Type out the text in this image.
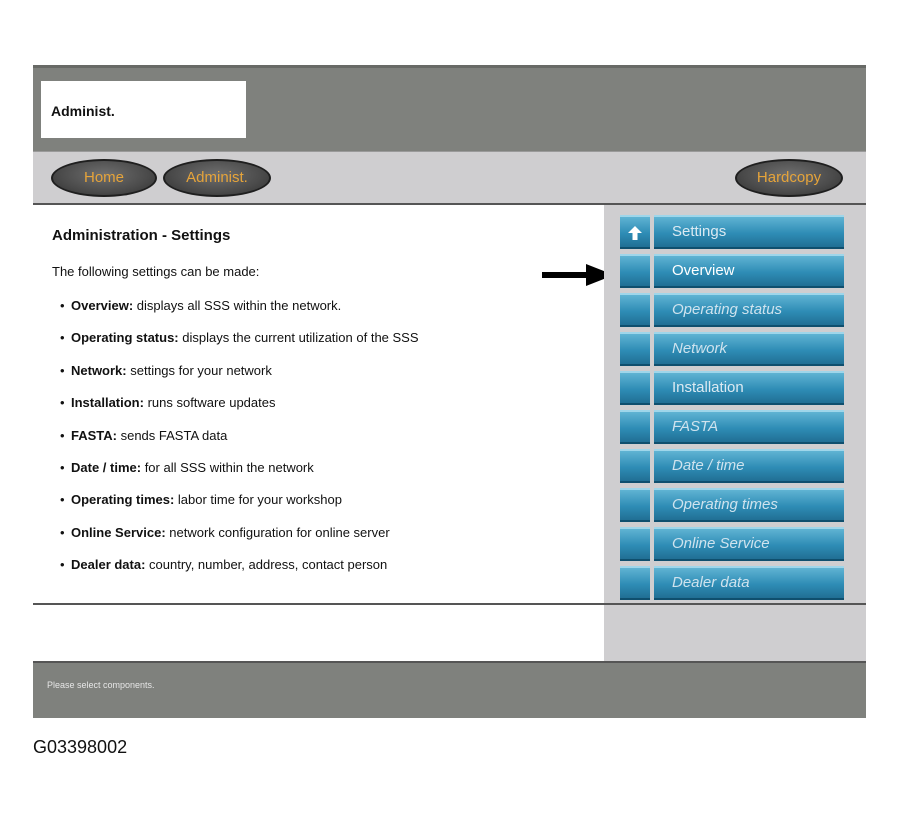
Administ.
Home	Administ.	Hardcopy
Administration - Settings
The following settings can be made:
• Overview: displays all SSS within the network.
• Operating status: displays the current utilization of the SSS
• Network: settings for your network
• Installation: runs software updates
• FASTA: sends FASTA data
• Date / time: for all SSS within the network
• Operating times: labor time for your workshop
• Online Service: network configuration for online server
• Dealer data: country, number, address, contact person
Settings
Overview
Operating status
Network
Installation
FASTA
Date / time
Operating times
Online Service
Dealer data
Please select components.
G03398002
